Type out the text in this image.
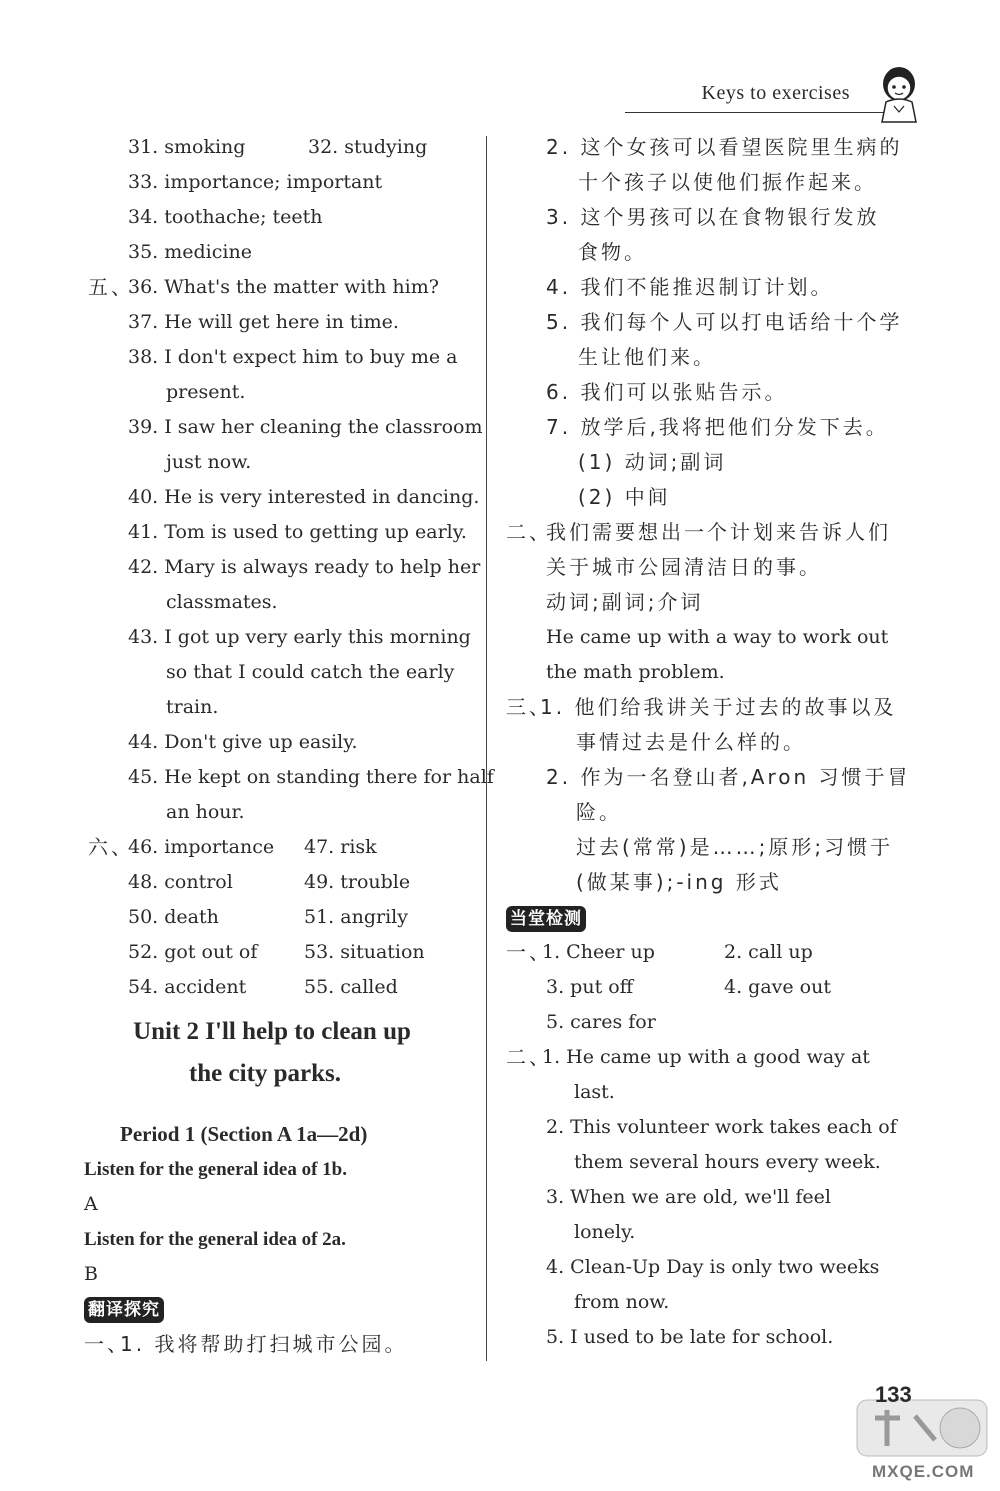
Keys to exercises
31. smoking	32. studying
33. importance; important
34. toothache; teeth
35. medicine
五、
36. What's the matter with him?
37. He will get here in time.
38. I don't expect him to buy me a
present.
39. I saw her cleaning the classroom
just now.
40. He is very interested in dancing.
41. Tom is used to getting up early.
42. Mary is always ready to help her
classmates.
43. I got up very early this morning
so that I could catch the early
train.
44. Don't give up easily.
45. He kept on standing there for half
an hour.
六、
46. importance 47. risk
48. control	49. trouble
50. death	51. angrily
52. got out of 53. situation
54. accident	55. called
Unit 2 I'll help to clean up
the city parks.
Period 1 (Section A 1a—2d)
Listen for the general idea of 1b.
A
Listen for the general idea of 2a.
B
翻译探究
一、
1. 我将帮助打扫城市公园。
2. 这个女孩可以看望医院里生病的
十个孩子以使他们振作起来。
3. 这个男孩可以在食物银行发放
食物。
4. 我们不能推迟制订计划。
5. 我们每个人可以打电话给十个学
生让他们来。
6. 我们可以张贴告示。
7. 放学后,我将把他们分发下去。
(1) 动词;副词
(2) 中间
二、
我们需要想出一个计划来告诉人们
关于城市公园清洁日的事。
动词;副词;介词
He came up with a way to work out
the math problem.
三、
1. 他们给我讲关于过去的故事以及
事情过去是什么样的。
2. 作为一名登山者,Aron 习惯于冒
险。
过去(常常)是……;原形;习惯于
(做某事);-ing 形式
当堂检测
一、
1. Cheer up	2. call up
3. put off	4. gave out
5. cares for
二、
1. He came up with a good way at
last.
2. This volunteer work takes each of
them several hours every week.
3. When we are old, we'll feel
lonely.
4. Clean-Up Day is only two weeks
from now.
5. I used to be late for school.
133
MXQE.COM
